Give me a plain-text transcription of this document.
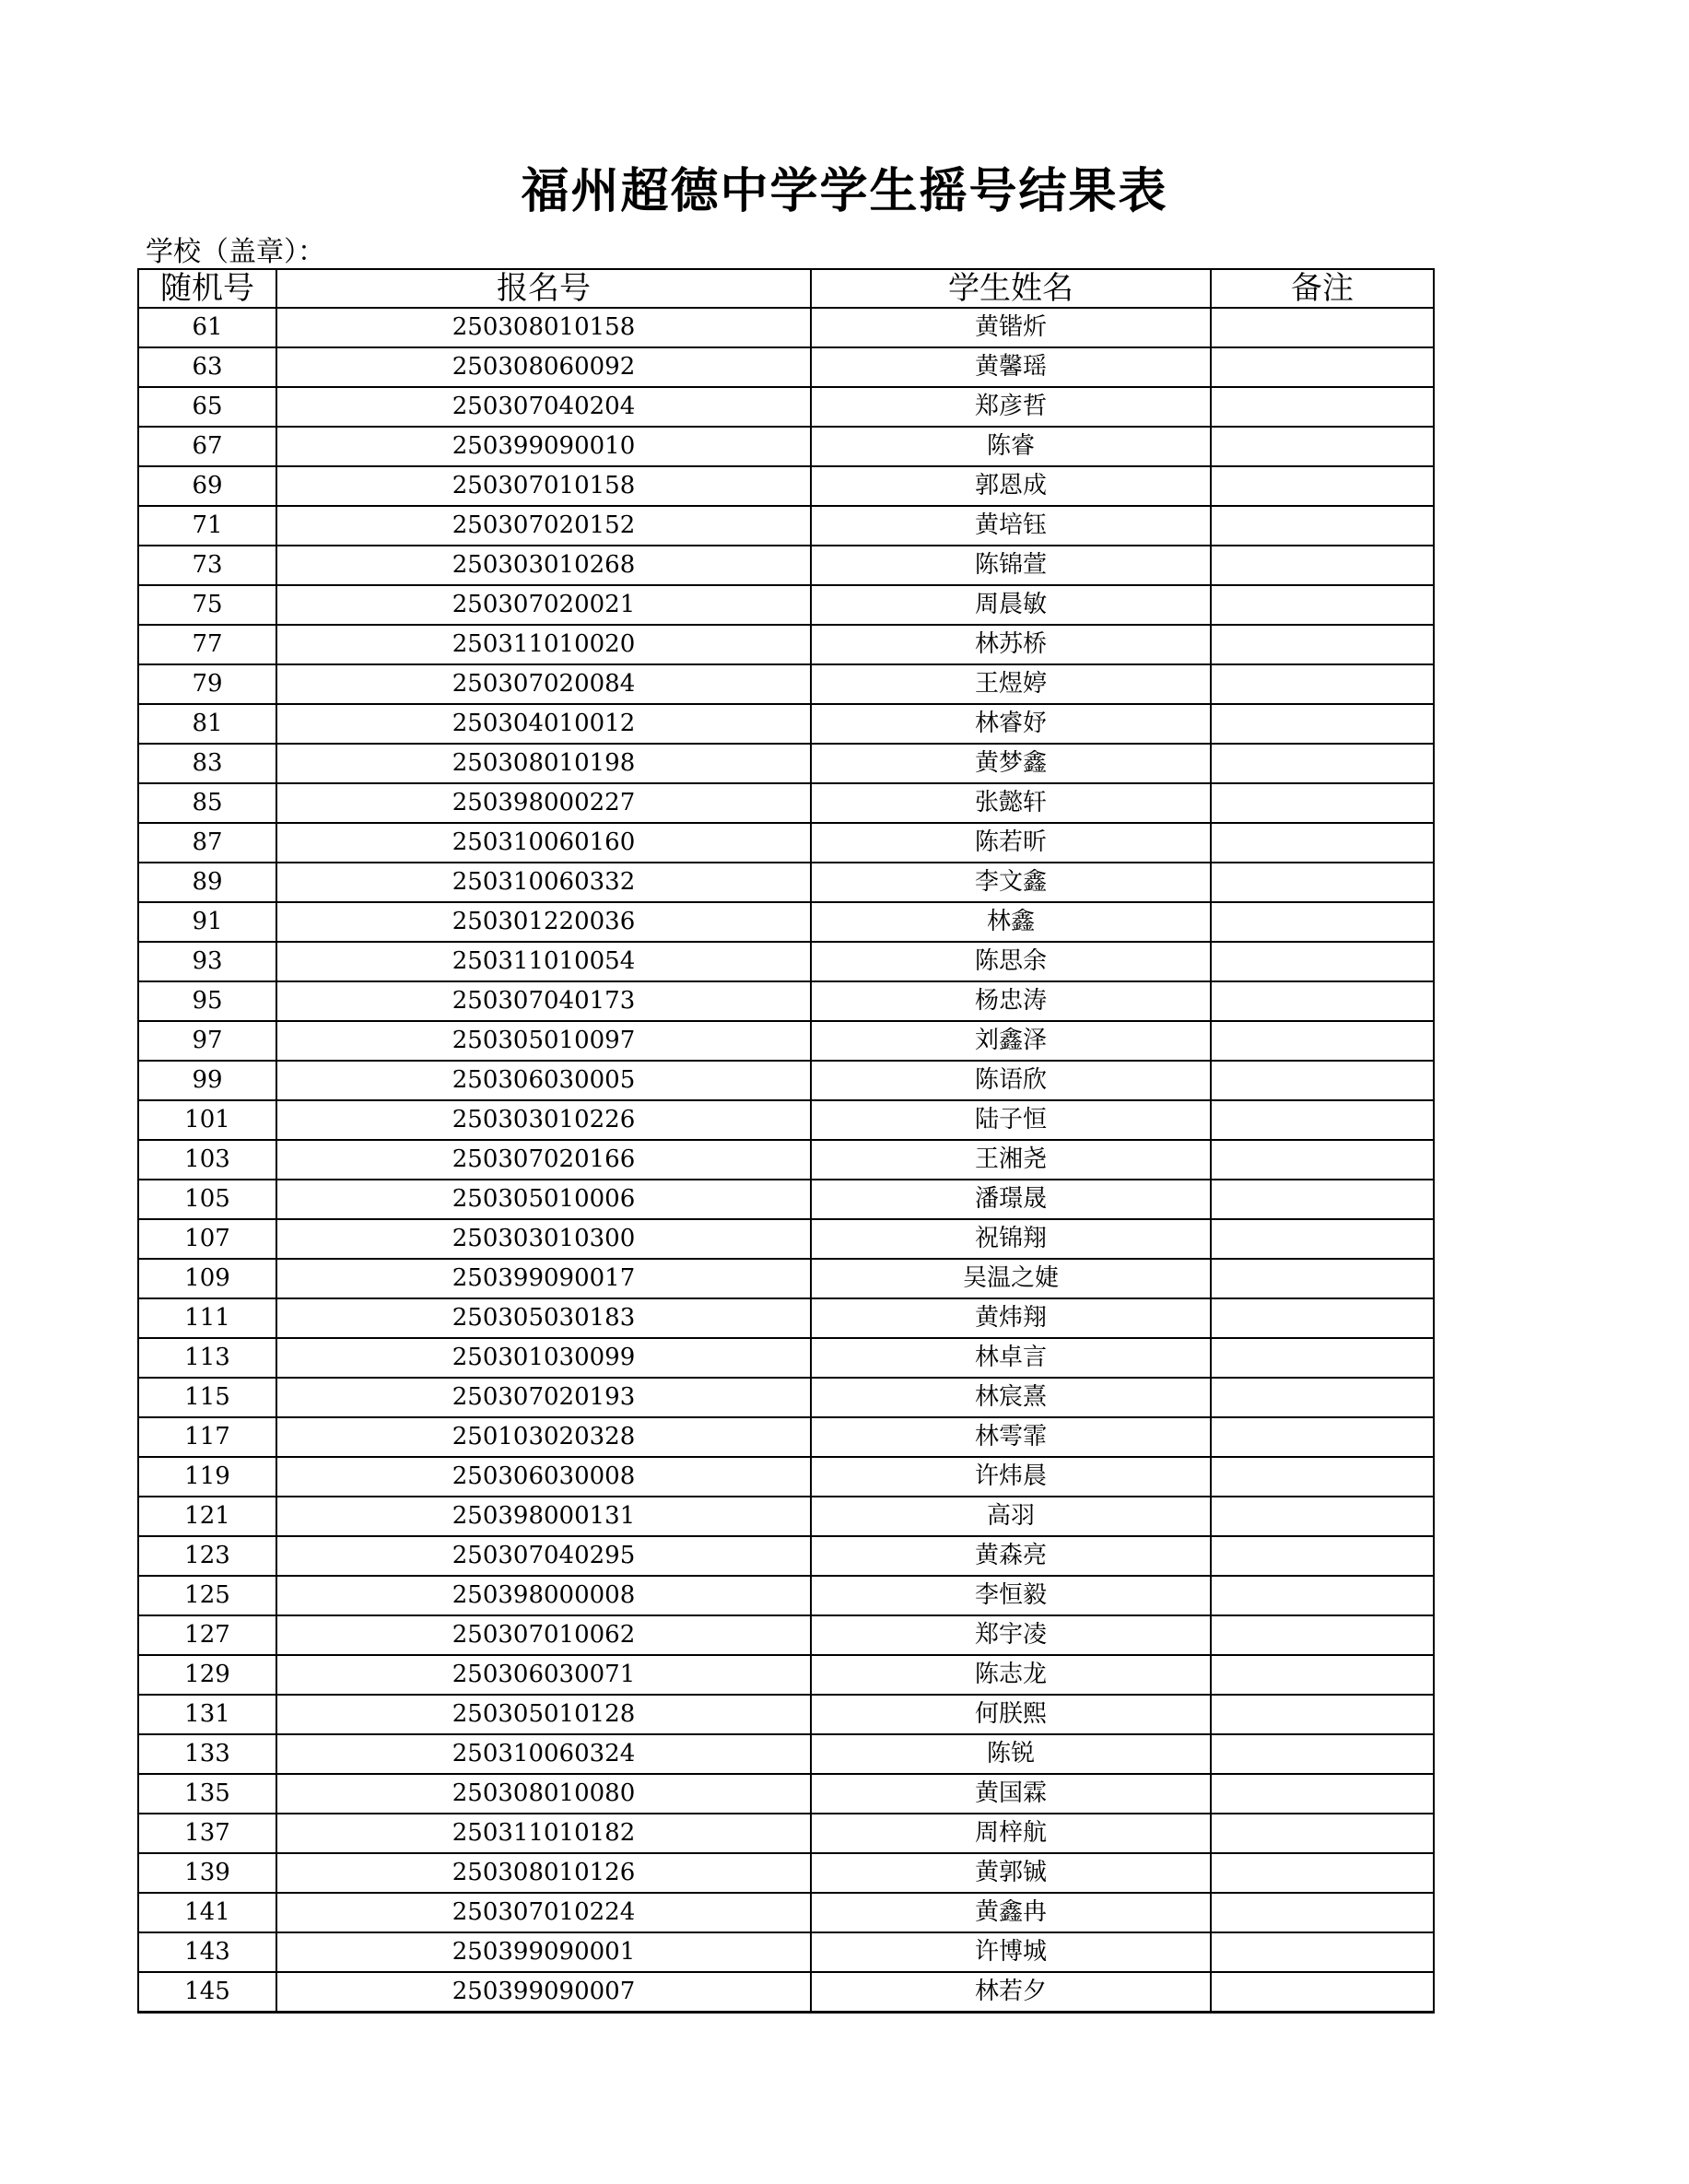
福州超德中学学生摇号结果表
学校（盖章）：
随机号	报名号	学生姓名	备注
61	250308010158	黄锴炘	
63	250308060092	黄馨瑶	
65	250307040204	郑彦哲	
67	250399090010	陈睿	
69	250307010158	郭恩成	
71	250307020152	黄培钰	
73	250303010268	陈锦萱	
75	250307020021	周晨敏	
77	250311010020	林苏桥	
79	250307020084	王煜婷	
81	250304010012	林睿妤	
83	250308010198	黄梦鑫	
85	250398000227	张懿轩	
87	250310060160	陈若昕	
89	250310060332	李文鑫	
91	250301220036	林鑫	
93	250311010054	陈思余	
95	250307040173	杨忠涛	
97	250305010097	刘鑫泽	
99	250306030005	陈语欣	
101	250303010226	陆子恒	
103	250307020166	王湘尧	
105	250305010006	潘璟晟	
107	250303010300	祝锦翔	
109	250399090017	吴温之婕	
111	250305030183	黄炜翔	
113	250301030099	林卓言	
115	250307020193	林宸熹	
117	250103020328	林雩霏	
119	250306030008	许炜晨	
121	250398000131	高羽	
123	250307040295	黄森亮	
125	250398000008	李恒毅	
127	250307010062	郑宇凌	
129	250306030071	陈志龙	
131	250305010128	何朕熙	
133	250310060324	陈锐	
135	250308010080	黄国霖	
137	250311010182	周梓航	
139	250308010126	黄郭铖	
141	250307010224	黄鑫冉	
143	250399090001	许博城	
145	250399090007	林若夕	
